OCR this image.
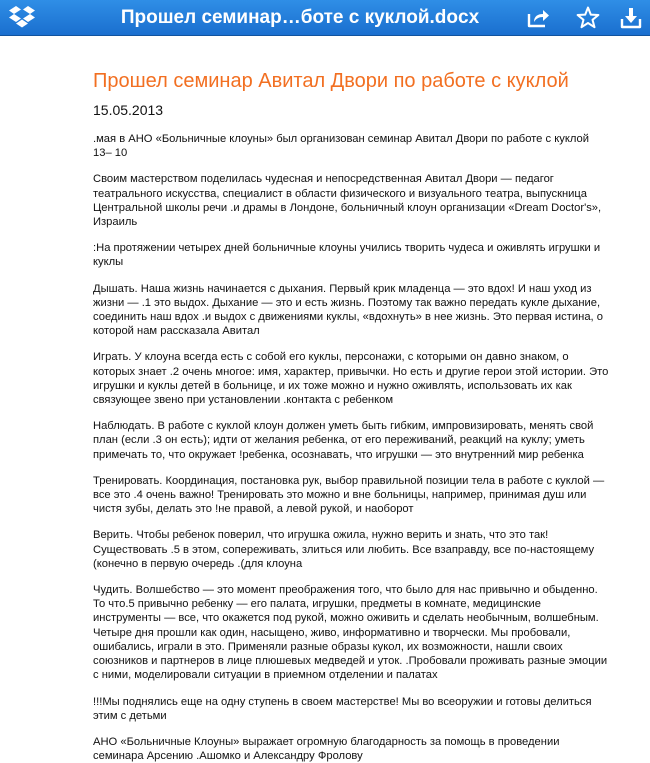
Прошел семинар…боте с куклой.docx
Прошел семинар Авитал Двори по работе с куклой
15.05.2013

.мая в АНО «Больничные клоуны» был организован семинар Авитал Двори по работе с куклой 13– 10

Своим мастерством поделилась чудесная и непосредственная Авитал Двори — педагог театрального искусства, специалист в области физического и визуального театра, выпускница Центральной школы речи .и драмы в Лондоне, больничный клоун организации «Dream Doctor's», Израиль

:На протяжении четырех дней больничные клоуны учились творить чудеса и оживлять игрушки и куклы

Дышать. Наша жизнь начинается с дыхания. Первый крик младенца — это вдох! И наш уход из жизни — .1 это выдох. Дыхание — это и есть жизнь. Поэтому так важно передать кукле дыхание, соединить наш вдох .и выдох с движениями куклы, «вдохнуть» в нее жизнь. Это первая истина, о которой нам рассказала Авитал

Играть. У клоуна всегда есть с собой его куклы, персонажи, с которыми он давно знаком, о которых знает .2 очень многое: имя, характер, привычки. Но есть и другие герои этой истории. Это игрушки и куклы детей в больнице, и их тоже можно и нужно оживлять, использовать их как связующее звено при установлении .контакта с ребенком

Наблюдать. В работе с куклой клоун должен уметь быть гибким, импровизировать, менять свой план (если .3 он есть); идти от желания ребенка, от его переживаний, реакций на куклу; уметь примечать то, что окружает !ребенка, осознавать, что игрушки — это внутренний мир ребенка

Тренировать. Координация, постановка рук, выбор правильной позиции тела в работе с куклой — все это .4 очень важно! Тренировать это можно и вне больницы, например, принимая душ или чистя зубы, делать это !не правой, а левой рукой, и наоборот

Верить. Чтобы ребенок поверил, что игрушка ожила, нужно верить и знать, что это так! Существовать .5 в этом, сопереживать, злиться или любить. Все взаправду, все по-настоящему (конечно в первую очередь .(для клоуна

Чудить. Волшебство — это момент преображения того, что было для нас привычно и обыденно. То что.5 привычно ребенку — его палата, игрушки, предметы в комнате, медицинские инструменты — все, что окажется под рукой, можно оживить и сделать необычным, волшебным. Четыре дня прошли как один, насыщено, живо, информативно и творчески. Мы пробовали, ошибались, играли в это. Применяли разные образы кукол, их возможности, нашли своих союзников и партнеров в лице плюшевых медведей и уток. .Пробовали проживать разные эмоции с ними, моделировали ситуации в приемном отделении и палатах

!!!Мы поднялись еще на одну ступень в своем мастерстве! Мы во всеоружии и готовы делиться этим с детьми

АНО «Больничные Клоуны» выражает огромную благодарность за помощь в проведении семинара Арсению .Ашомко и Александру Фролову
